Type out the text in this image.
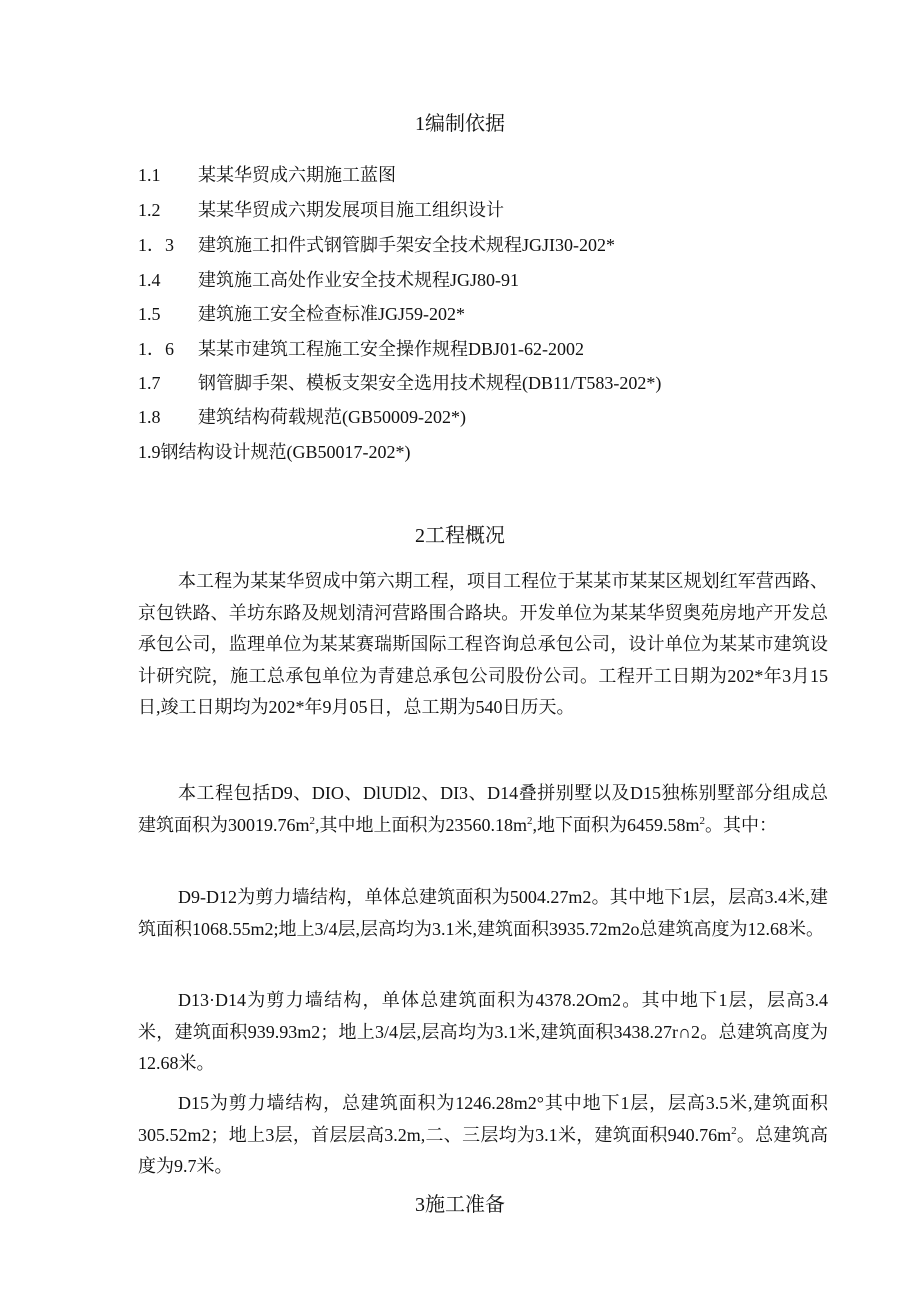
1编制依据
1.1 某某华贸成六期施工蓝图
1.2 某某华贸成六期发展项目施工组织设计
1．3 建筑施工扣件式钢管脚手架安全技术规程JGJI30-202*
1.4 建筑施工高处作业安全技术规程JGJ80-91
1.5 建筑施工安全检查标准JGJ59-202*
1．6 某某市建筑工程施工安全操作规程DBJ01-62-2002
1.7 钢管脚手架、模板支架安全选用技术规程(DB11/T583-202*)
1.8 建筑结构荷载规范(GB50009-202*)
1.9钢结构设计规范(GB50017-202*)
2工程概况

本工程为某某华贸成中第六期工程，项目工程位于某某市某某区规划红军营西路、京包铁路、羊坊东路及规划清河营路围合路块。开发单位为某某华贸奥苑房地产开发总承包公司，监理单位为某某赛瑞斯国际工程咨询总承包公司，设计单位为某某市建筑设计研究院，施工总承包单位为青建总承包公司股份公司。工程开工日期为202*年3月15日,竣工日期均为202*年9月05日，总工期为540日历天。

本工程包括D9、DIO、DlUDl2、DI3、D14叠拼别墅以及D15独栋别墅部分组成总建筑面积为$30019.76m^2$,其中地上面积为$23560.18m^2$,地下面积为$6459.58m^2$。其中：

D9-D12为剪力墙结构，单体总建筑面积为5004.27m2。其中地下1层，层高3.4米,建筑面积1068.55m2;地上3/4层,层高均为3.1米,建筑面积3935.72m2o总建筑高度为12.68米。

D13·D14为剪力墙结构，单体总建筑面积为4378.2Om2。其中地下1层，层高3.4米，建筑面积939.93m2；地上3/4层,层高均为3.1米,建筑面积3438.27r∩2。总建筑高度为12.68米。

D15为剪力墙结构，总建筑面积为1246.28m2°其中地下1层，层高3.5米,建筑面积305.52m2；地上3层，首层层高3.2m,二、三层均为3.1米，建筑面积$940.76m^2$。总建筑高度为9.7米。

3施工准备
